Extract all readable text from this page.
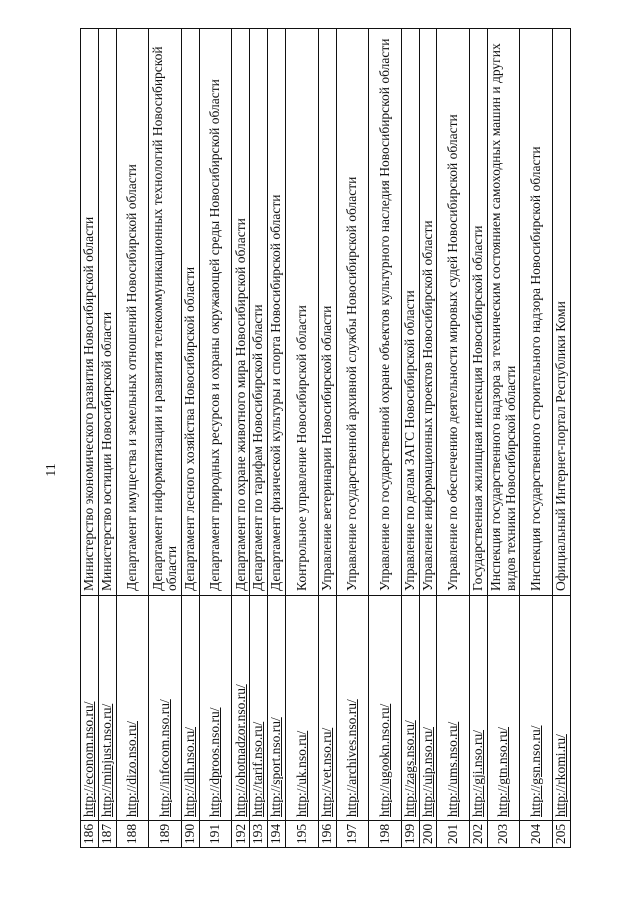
11
186	http://econom.nso.ru/	Министерство экономического развития Новосибирской области
187	http://minjust.nso.ru/	Министерство юстиции Новосибирской области
188	http://dizo.nso.ru/	Департамент имущества и земельных отношений Новосибирской области
189	http://infocom.nso.ru/	Департамент информатизации и развития телекоммуникационных технологий Новосибирской области
190	http://dlh.nso.ru/	Департамент лесного хозяйства Новосибирской области
191	http://dproos.nso.ru/	Департамент природных ресурсов и охраны окружающей среды Новосибирской области
192	http://ohotnadzor.nso.ru/	Департамент по охране животного мира Новосибирской области
193	http://tarif.nso.ru/	Департамент по тарифам Новосибирской области
194	http://sport.nso.ru/	Департамент физической культуры и спорта Новосибирской области
195	http://uk.nso.ru/	Контрольное управление Новосибирской области
196	http://vet.nso.ru/	Управление ветеринарии Новосибирской области
197	http://archives.nso.ru/	Управление государственной архивной службы Новосибирской области
198	http://ugookn.nso.ru/	Управление по государственной охране объектов культурного наследия Новосибирской области
199	http://zags.nso.ru/	Управление по делам ЗАГС Новосибирской области
200	http://uip.nso.ru/	Управление информационных проектов Новосибирской области
201	http://ums.nso.ru/	Управление по обеспечению деятельности мировых судей Новосибирской области
202	http://gji.nso.ru/	Государственная жилищная инспекция Новосибирской области
203	http://gtn.nso.ru/	Инспекция государственного надзора за техническим состоянием самоходных машин и других видов техники Новосибирской области
204	http://gsn.nso.ru/	Инспекция государственного строительного надзора Новосибирской области
205	http://rkomi.ru/	Официальный Интернет-портал Республики Коми
